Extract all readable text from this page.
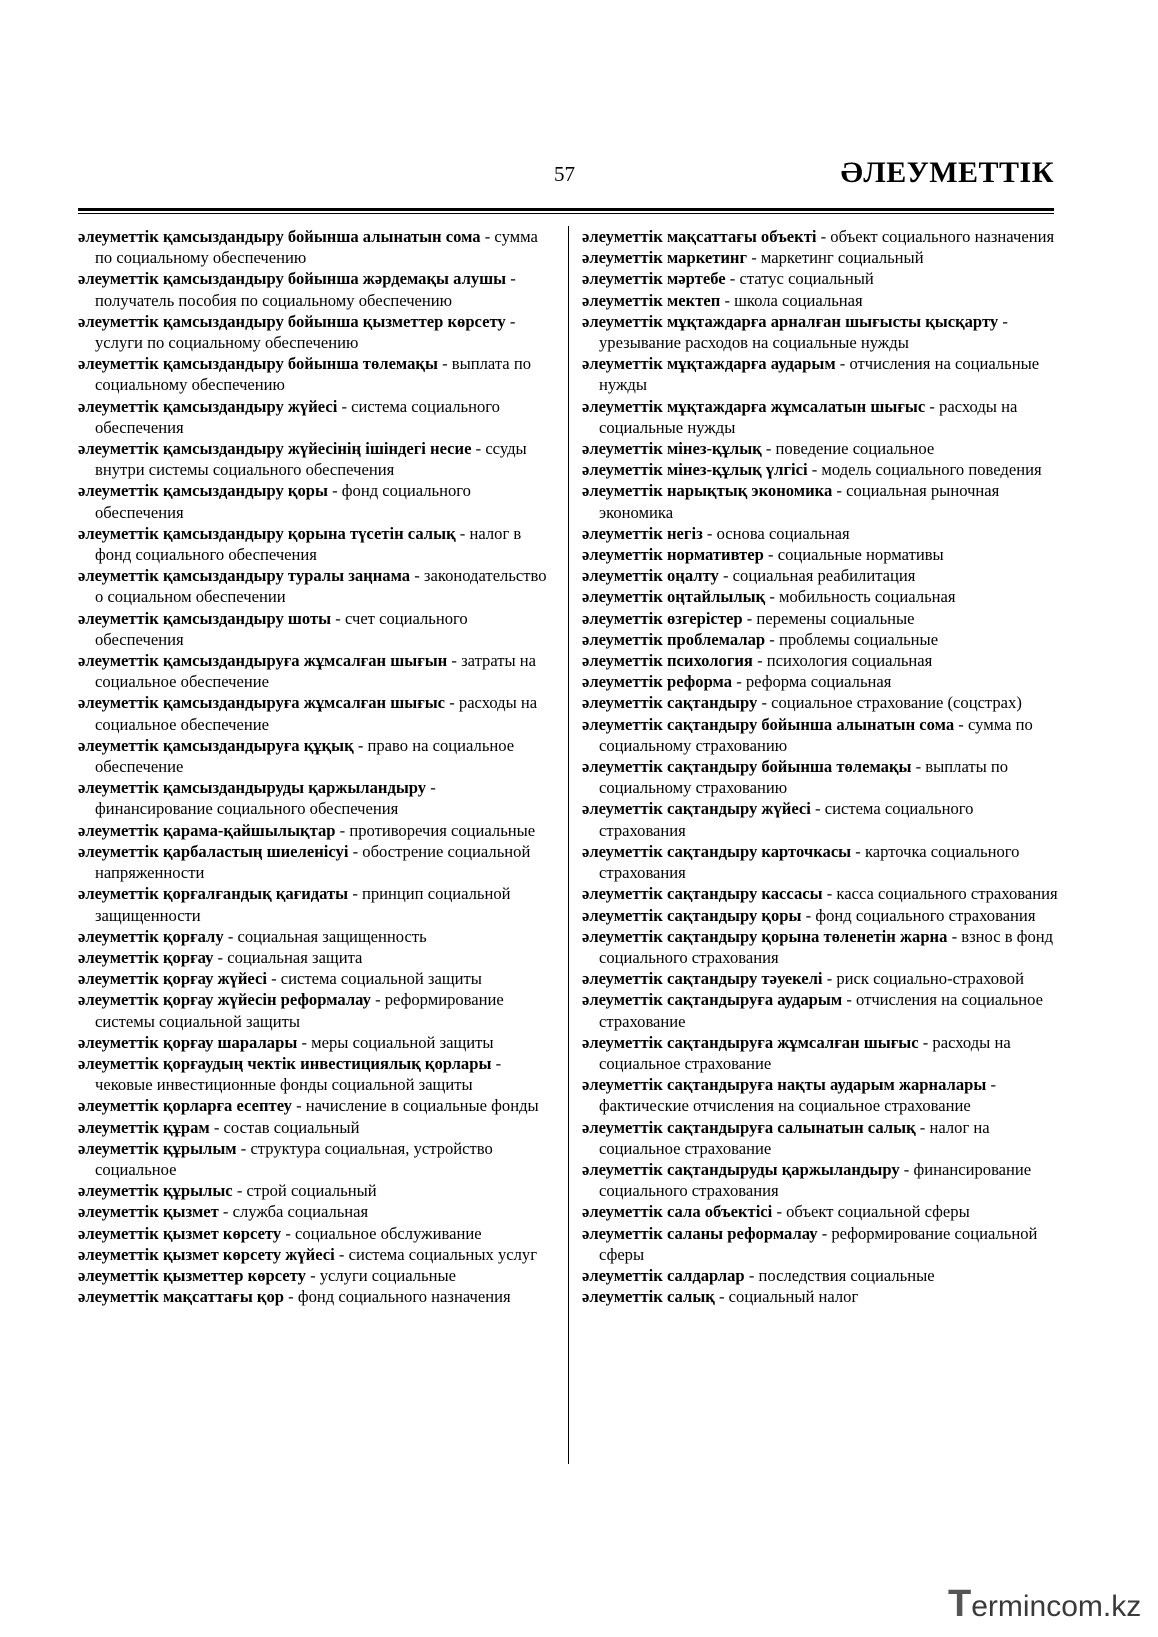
57	ӘЛЕУМЕТТІК

әлеуметтік қамсыздандыру бойынша алынатын сома - сумма по социальному обеспечению

әлеуметтік қамсыздандыру бойынша жәрдемақы алушы - получатель пособия по социальному обеспечению

әлеуметтік қамсыздандыру бойынша қызметтер көрсету - услуги по социальному обеспечению

әлеуметтік қамсыздандыру бойынша төлемақы - выплата по социальному обеспечению

әлеуметтік қамсыздандыру жүйесі - система социального обеспечения

әлеуметтік қамсыздандыру жүйесінің ішіндегі несие - ссуды внутри системы социального обеспечения

әлеуметтік қамсыздандыру қоры - фонд социального обеспечения

әлеуметтік қамсыздандыру қорына түсетін салық - налог в фонд социального обеспечения

әлеуметтік қамсыздандыру туралы заңнама - законодательство о социальном обеспечении

әлеуметтік қамсыздандыру шоты - счет социального обеспечения

әлеуметтік қамсыздандыруға жұмсалған шығын - затраты на социальное обеспечение

әлеуметтік қамсыздандыруға жұмсалған шығыс - расходы на социальное обеспечение

әлеуметтік қамсыздандыруға құқық - право на социальное обеспечение

әлеуметтік қамсыздандыруды қаржыландыру - финансирование социального обеспечения

әлеуметтік қарама-қайшылықтар - противоречия социальные

әлеуметтік қарбаластың шиеленісуі - обострение социальной напряженности

әлеуметтік қорғалғандық қағидаты - принцип социальной защищенности

әлеуметтік қорғалу - социальная защищенность

әлеуметтік қорғау - социальная защита

әлеуметтік қорғау жүйесі - система социальной защиты

әлеуметтік қорғау жүйесін реформалау - реформирование системы социальной защиты

әлеуметтік қорғау шаралары - меры социальной защиты

әлеуметтік қорғаудың чектік инвестициялық қорлары - чековые инвестиционные фонды социальной защиты

әлеуметтік қорларға есептеу - начисление в социальные фонды

әлеуметтік құрам - состав социальный

әлеуметтік құрылым - структура социальная, устройство социальное

әлеуметтік құрылыс - строй социальный

әлеуметтік қызмет - служба социальная

әлеуметтік қызмет көрсету - социальное обслуживание

әлеуметтік қызмет көрсету жүйесі - система социальных услуг

әлеуметтік қызметтер көрсету - услуги социальные

әлеуметтік мақсаттағы қор - фонд социального назначения

әлеуметтік мақсаттағы объекті - объект социального назначения

әлеуметтік маркетинг - маркетинг социальный

әлеуметтік мәртебе - статус социальный

әлеуметтік мектеп - школа социальная

әлеуметтік мұқтаждарға арналған шығысты қысқарту - урезывание расходов на социальные нужды

әлеуметтік мұқтаждарға аударым - отчисления на социальные нужды

әлеуметтік мұқтаждарға жұмсалатын шығыс - расходы на социальные нужды

әлеуметтік мінез-құлық - поведение социальное

әлеуметтік мінез-құлық үлгісі - модель социального поведения

әлеуметтік нарықтық экономика - социальная рыночная экономика

әлеуметтік негіз - основа социальная

әлеуметтік нормативтер - социальные нормативы

әлеуметтік оңалту - социальная реабилитация

әлеуметтік оңтайлылық - мобильность социальная

әлеуметтік өзгерістер - перемены социальные

әлеуметтік проблемалар - проблемы социальные

әлеуметтік психология - психология социальная

әлеуметтік реформа - реформа социальная

әлеуметтік сақтандыру - социальное страхование (соцстрах)

әлеуметтік сақтандыру бойынша алынатын сома - сумма по социальному страхованию

әлеуметтік сақтандыру бойынша төлемақы - выплаты по социальному страхованию

әлеуметтік сақтандыру жүйесі - система социального страхования

әлеуметтік сақтандыру карточкасы - карточка социального страхования

әлеуметтік сақтандыру кассасы - касса социального страхования

әлеуметтік сақтандыру қоры - фонд социального страхования

әлеуметтік сақтандыру қорына төленетін жарна - взнос в фонд социального страхования

әлеуметтік сақтандыру тәуекелі - риск социально-страховой

әлеуметтік сақтандыруға аударым - отчисления на социальное страхование

әлеуметтік сақтандыруға жұмсалған шығыс - расходы на социальное страхование

әлеуметтік сақтандыруға нақты аударым жарналары - фактические отчисления на социальное страхование

әлеуметтік сақтандыруға салынатын салық - налог на социальное страхование

әлеуметтік сақтандыруды қаржыландыру - финансирование социального страхования

әлеуметтік сала объектісі - объект социальной сферы

әлеуметтік саланы реформалау - реформирование социальной сферы

әлеуметтік салдарлар - последствия социальные

әлеуметтік салық - социальный налог

Termincom.kz
